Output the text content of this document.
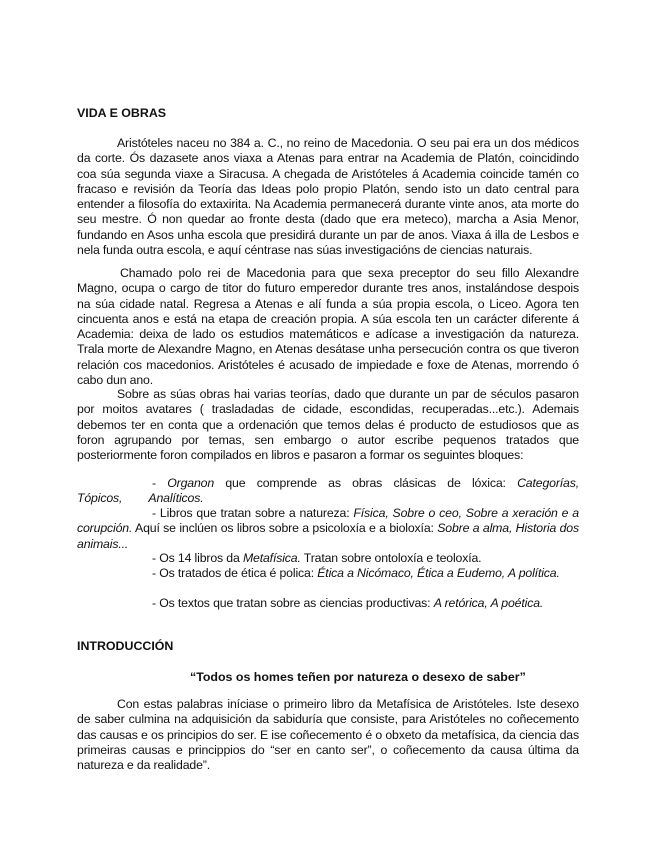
VIDA E OBRAS
Aristóteles naceu no 384 a. C., no reino de Macedonia. O seu pai era un dos médicos da corte. Ós dazasete anos viaxa a Atenas para entrar na Academia de Platón, coincidindo coa súa segunda viaxe a Siracusa. A chegada de Aristóteles á Academia coincide tamén co fracaso e revisión da Teoría das Ideas polo propio Platón, sendo isto un dato central para entender a filosofía do extaxirita. Na Academia permanecerá durante vinte anos, ata morte do seu mestre. Ó non quedar ao fronte desta (dado que era meteco), marcha a Asia Menor, fundando en Asos unha escola que presidirá durante un par de anos. Viaxa á illa de Lesbos e nela funda outra escola, e aquí céntrase nas súas investigacións de ciencias naturais.
Chamado polo rei de Macedonia para que sexa preceptor do seu fillo Alexandre Magno, ocupa o cargo de titor do futuro emperedor durante tres anos, instalándose despois na súa cidade natal. Regresa a Atenas e alí funda a súa propia escola, o Liceo. Agora ten cincuenta anos e está na etapa de creación propia. A súa escola ten un carácter diferente á Academia: deixa de lado os estudios matemáticos e adícase a investigación da natureza. Trala morte de Alexandre Magno, en Atenas desátase unha persecución contra os que tiveron relación cos macedonios. Aristóteles é acusado de impiedade e foxe de Atenas, morrendo ó cabo dun ano.
Sobre as súas obras hai varias teorías, dado que durante un par de séculos pasaron por moitos avatares ( trasladadas de cidade, escondidas, recuperadas...etc.). Ademais debemos ter en conta que a ordenación que temos delas é producto de estudiosos que as foron agrupando por temas, sen embargo o autor escribe pequenos tratados que posteriormente foron compilados en libros e pasaron a formar os seguintes bloques:
- Organon que comprende as obras clásicas de lóxica: Categorías, Tópicos, Analíticos.
- Libros que tratan sobre a natureza: Física, Sobre o ceo, Sobre a xeración e a corupción. Aquí se inclúen os libros sobre a psicoloxía e a bioloxía: Sobre a alma, Historia dos animais...
- Os 14 libros da Metafísica. Tratan sobre ontoloxía e teoloxía.
- Os tratados de ética é polica: Ética a Nicómaco, Ética a Eudemo, A política.
- Os textos que tratan sobre as ciencias productivas: A retórica, A poética.
INTRODUCCIÓN
“Todos os homes teñen por natureza o desexo de saber”
Con estas palabras iníciase o primeiro libro da Metafísica de Aristóteles. Iste desexo de saber culmina na adquisición da sabiduría que consiste, para Aristóteles no coñecemento das causas e os principios do ser. E ise coñecemento é o obxeto da metafísica, da ciencia das primeiras causas e princippios do “ser en canto ser”, o coñecemento da causa última da natureza e da realidade”.
